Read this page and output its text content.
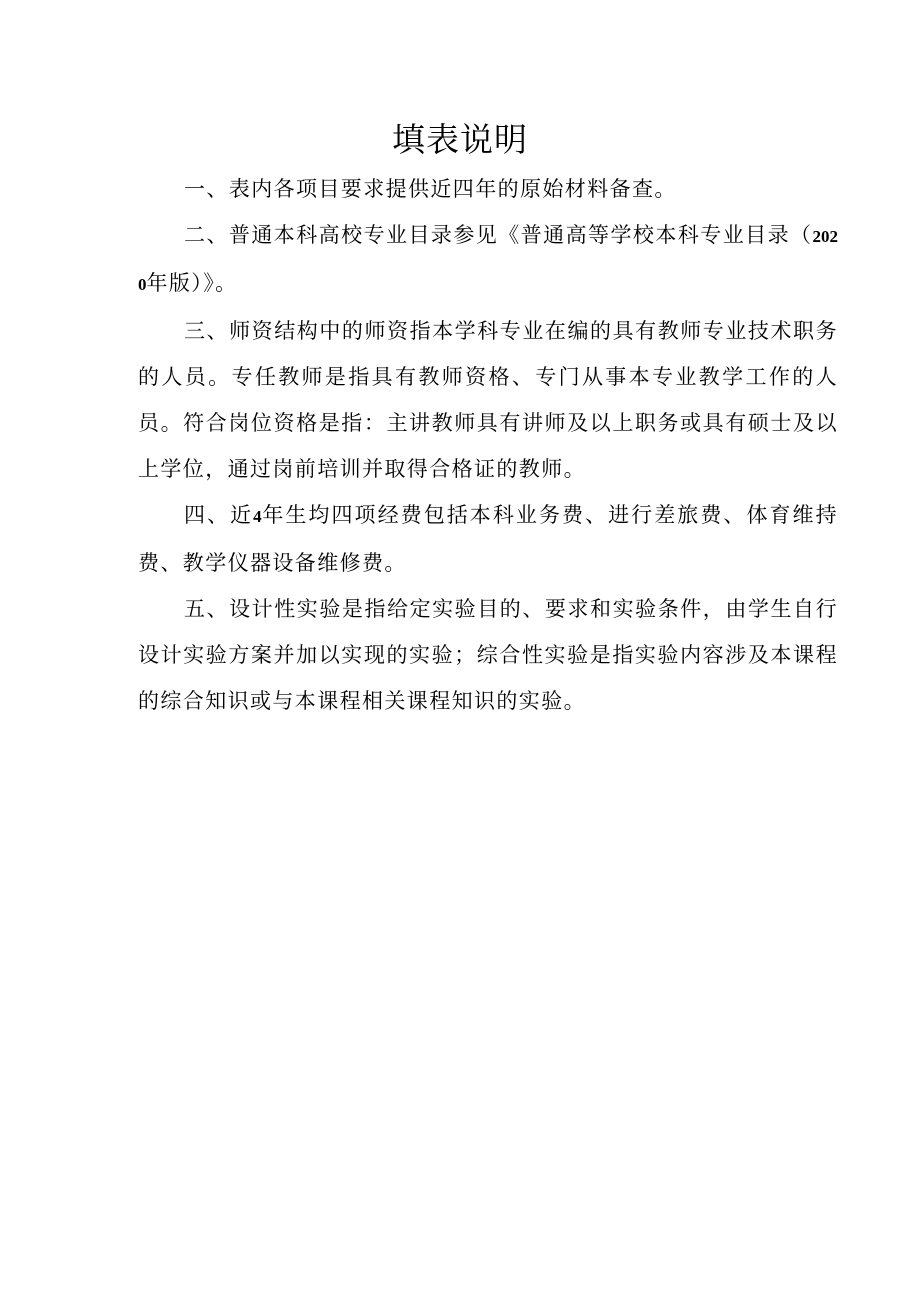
填表说明

一、表内各项目要求提供近四年的原始材料备查。

二、普通本科高校专业目录参见《普通高等学校本科专业目录（2020年版）》。

三、师资结构中的师资指本学科专业在编的具有教师专业技术职务的人员。专任教师是指具有教师资格、专门从事本专业教学工作的人员。符合岗位资格是指：主讲教师具有讲师及以上职务或具有硕士及以上学位，通过岗前培训并取得合格证的教师。

四、近4年生均四项经费包括本科业务费、进行差旅费、体育维持费、教学仪器设备维修费。

五、设计性实验是指给定实验目的、要求和实验条件，由学生自行设计实验方案并加以实现的实验；综合性实验是指实验内容涉及本课程的综合知识或与本课程相关课程知识的实验。
